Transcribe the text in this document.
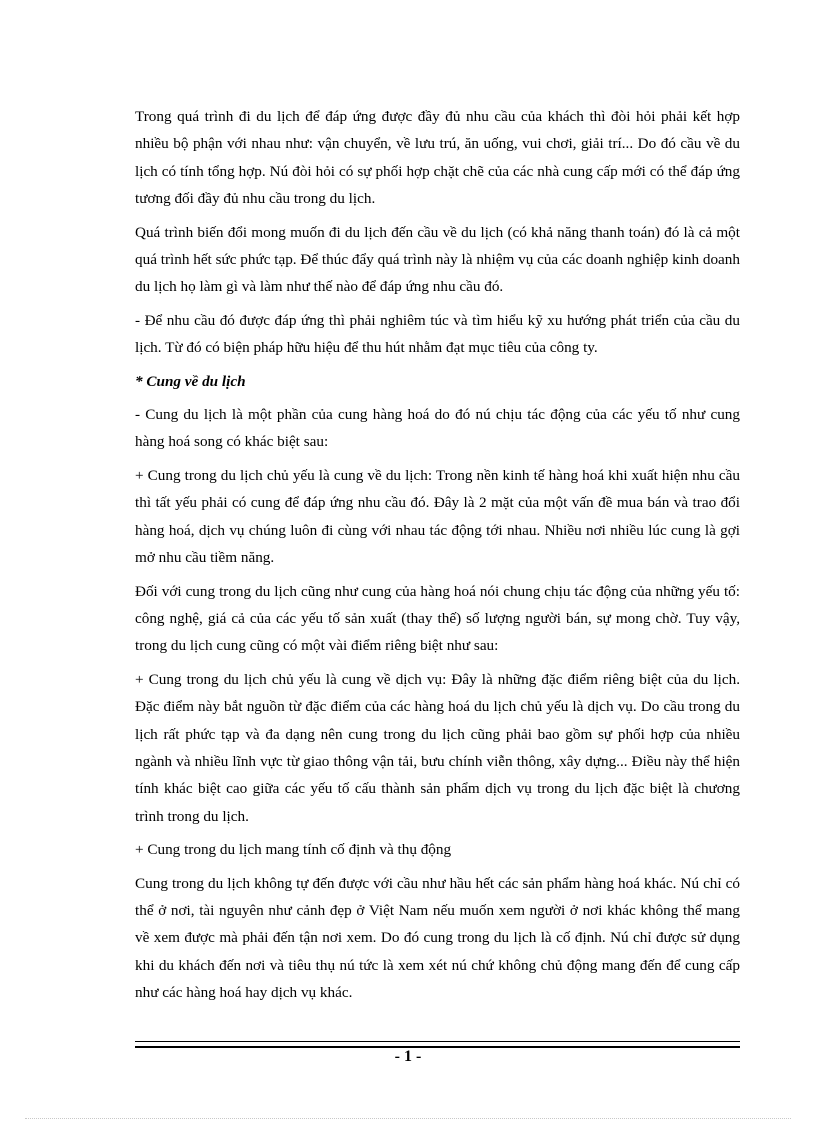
Trong quá trình đi du lịch để đáp ứng được đầy đủ nhu cầu của khách thì đòi hỏi phải kết hợp nhiều bộ phận với nhau như: vận chuyển, về lưu trú, ăn uống, vui chơi, giải trí... Do đó cầu về du lịch có tính tổng hợp. Nú đòi hỏi có sự phối hợp chặt chẽ của các nhà cung cấp mới có thể đáp ứng tương đối đầy đủ nhu cầu trong du lịch.

Quá trình biến đổi mong muốn đi du lịch đến cầu về du lịch (có khả năng thanh toán) đó là cả một quá trình hết sức phức tạp. Để thúc đẩy quá trình này là nhiệm vụ của các doanh nghiệp kinh doanh du lịch họ làm gì và làm như thế nào để đáp ứng nhu cầu đó.

- Để nhu cầu đó được đáp ứng thì phải nghiêm túc và tìm hiểu kỹ xu hướng phát triển của cầu du lịch. Từ đó có biện pháp hữu hiệu để thu hút nhằm đạt mục tiêu của công ty.

* Cung về du lịch

- Cung du lịch là một phần của cung hàng hoá do đó nú chịu tác động của các yếu tố như cung hàng hoá song có khác biệt sau:

+ Cung trong du lịch chủ yếu là cung về du lịch: Trong nền kinh tế hàng hoá khi xuất hiện nhu cầu thì tất yếu phải có cung để đáp ứng nhu cầu đó. Đây là 2 mặt của một vấn đề mua bán và trao đổi hàng hoá, dịch vụ chúng luôn đi cùng với nhau tác động tới nhau. Nhiều nơi nhiều lúc cung là gợi mở nhu cầu tiềm năng.

Đối với cung trong du lịch cũng như cung của hàng hoá nói chung chịu tác động của những yếu tố: công nghệ, giá cả của các yếu tố sản xuất (thay thế) số lượng người bán, sự mong chờ. Tuy vậy, trong du lịch cung cũng có một vài điểm riêng biệt như sau:

+ Cung trong du lịch chủ yếu là cung về dịch vụ: Đây là những đặc điểm riêng biệt của du lịch. Đặc điểm này bắt nguồn từ đặc điểm của các hàng hoá du lịch chủ yếu là dịch vụ. Do cầu trong du lịch rất phức tạp và đa dạng nên cung trong du lịch cũng phải bao gồm sự phối hợp của nhiều ngành và nhiều lĩnh vực từ giao thông vận tải, bưu chính viễn thông, xây dựng... Điều này thể hiện tính khác biệt cao giữa các yếu tố cấu thành sản phẩm dịch vụ trong du lịch đặc biệt là chương trình trong du lịch.

+ Cung trong du lịch mang tính cố định và thụ động

Cung trong du lịch không tự đến được với cầu như hầu hết các sản phẩm hàng hoá khác. Nú chỉ có thể ở nơi, tài nguyên như cảnh đẹp ở Việt Nam nếu muốn xem người ở nơi khác không thể mang về xem được mà phải đến tận nơi xem. Do đó cung trong du lịch là cố định. Nú chỉ được sử dụng khi du khách đến nơi và tiêu thụ nú tức là xem xét nú chứ không chủ động mang đến để cung cấp như các hàng hoá hay dịch vụ khác.

- 1 -
